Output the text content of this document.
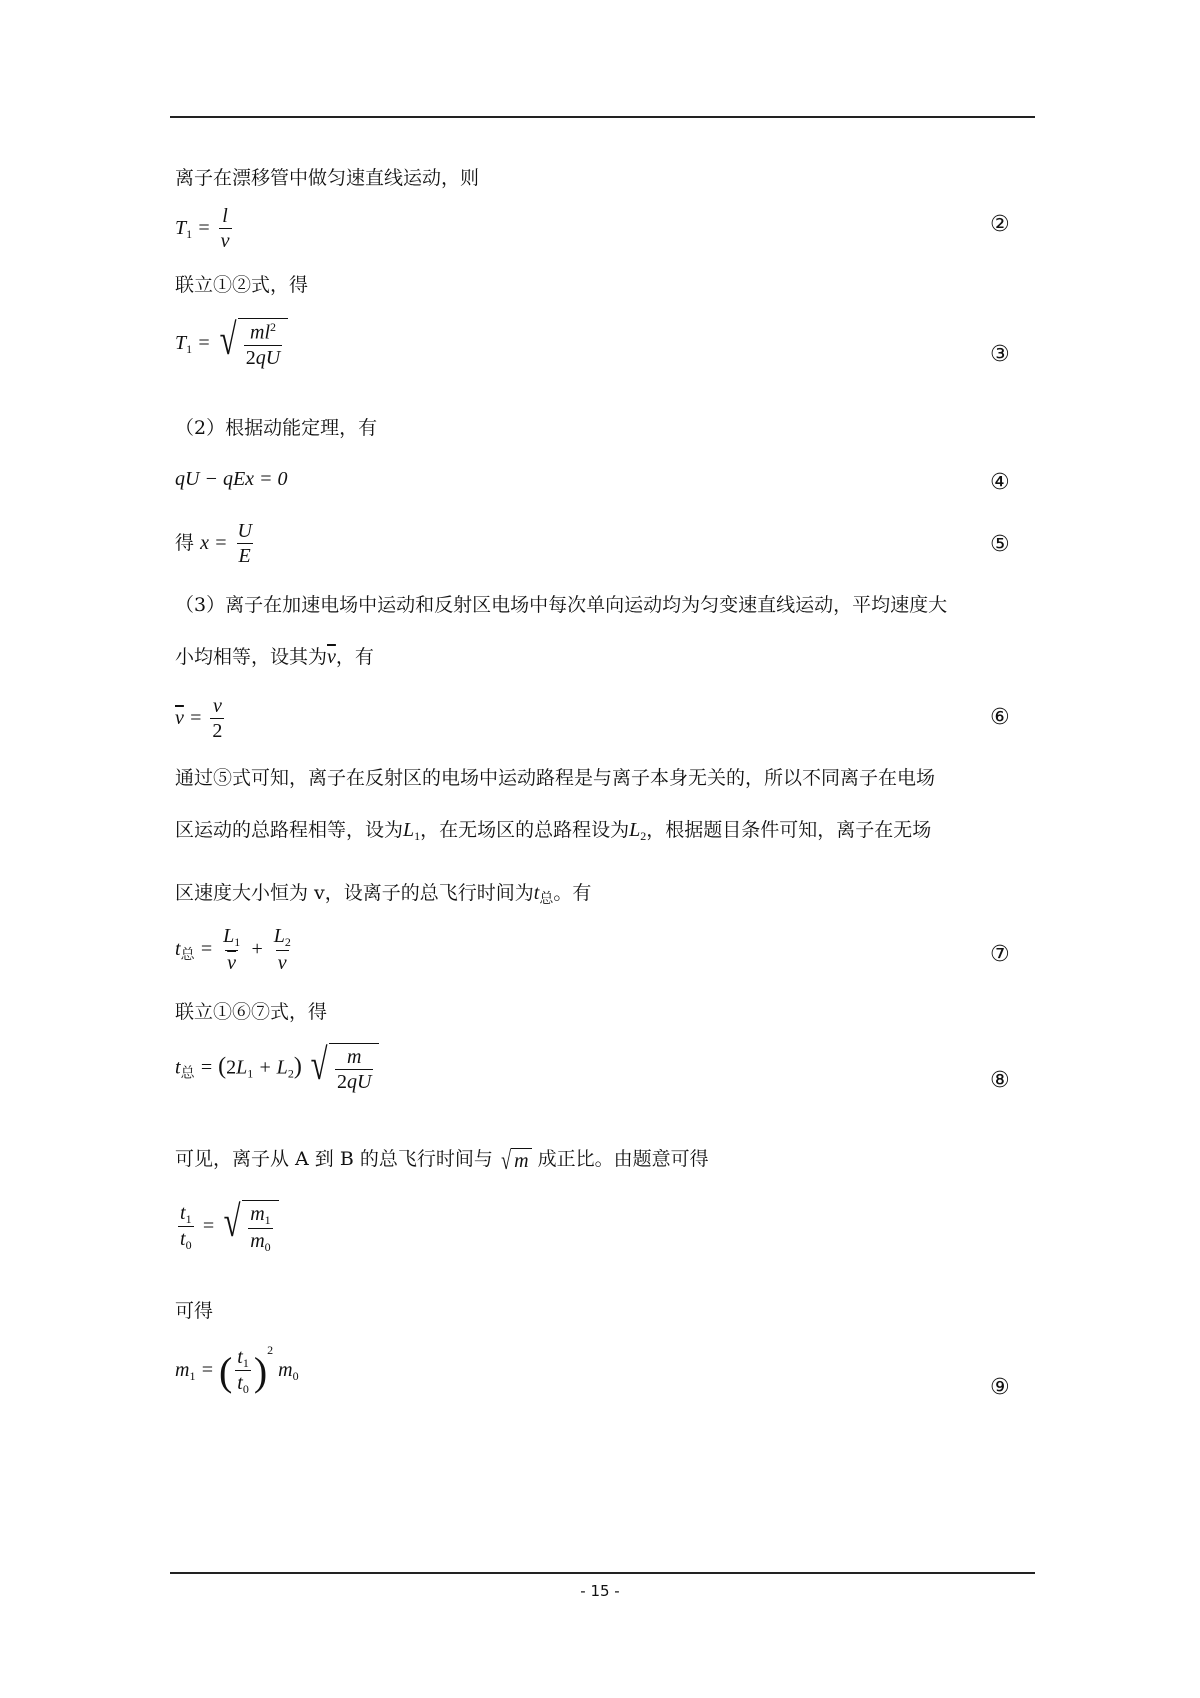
离子在漂移管中做匀速直线运动，则
$T_1 = \frac{l}{v}$	②
联立①②式，得
$T_1$ = √ $\frac{ml^2}{2qU}$	③
（2）根据动能定理，有
qU − qEx = 0	④
得 $x = \frac{U}{E}$	⑤
（3）离子在加速电场中运动和反射区电场中每次单向运动均为匀变速直线运动，平均速度大
小均相等，设其为$\overline{v}$，有
$\overline{v} = \frac{v}{2}$	⑥
通过⑤式可知，离子在反射区的电场中运动路程是与离子本身无关的，所以不同离子在电场
区运动的总路程相等，设为$L_1$，在无场区的总路程设为$L_2$，根据题目条件可知，离子在无场
区速度大小恒为 v，设离子的总飞行时间为$t_总$。有
$t_总 = \frac{L_1}{v} + \frac{L_2}{v}$	⑦
联立①⑥⑦式，得
$t_总 = (2L_1 + L_2)$ √ $\frac{m}{2qU}$	⑧
可见，离子从 A 到 B 的总飞行时间与 √ m 成正比。由题意可得
$\frac{t_1}{t_0}$ = √ $\frac{m_1}{m_0}$
可得
$m_1$ = ( $\frac{t_1}{t_0} )^2$ $m_0$	⑨
- 15 -
